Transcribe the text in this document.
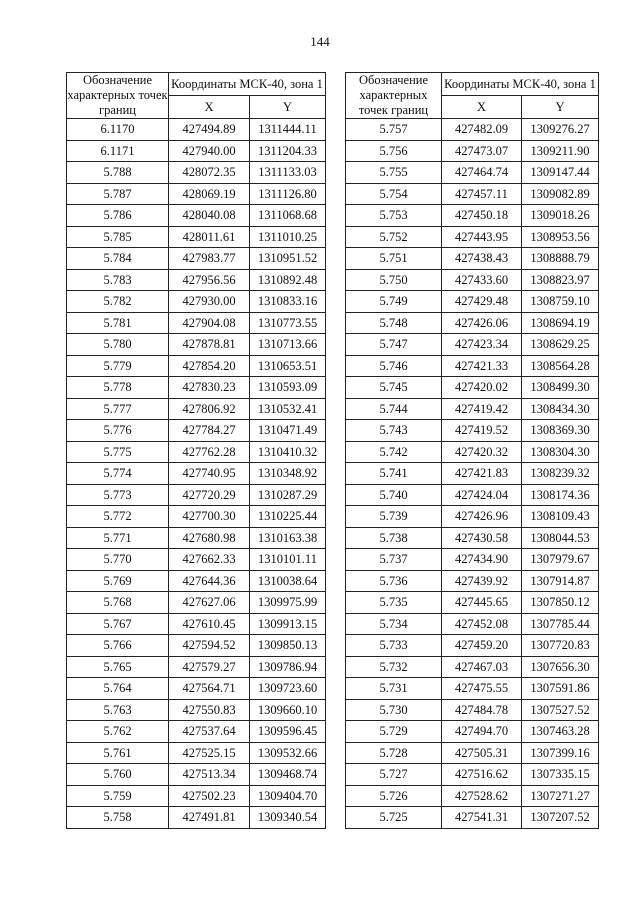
144
Обозначение характерных точек границ	Координаты МСК-40, зона 1	
	X	Y
6.1170	427494.89	1311444.11
6.1171	427940.00	1311204.33
5.788	428072.35	1311133.03
5.787	428069.19	1311126.80
5.786	428040.08	1311068.68
5.785	428011.61	1311010.25
5.784	427983.77	1310951.52
5.783	427956.56	1310892.48
5.782	427930.00	1310833.16
5.781	427904.08	1310773.55
5.780	427878.81	1310713.66
5.779	427854.20	1310653.51
5.778	427830.23	1310593.09
5.777	427806.92	1310532.41
5.776	427784.27	1310471.49
5.775	427762.28	1310410.32
5.774	427740.95	1310348.92
5.773	427720.29	1310287.29
5.772	427700.30	1310225.44
5.771	427680.98	1310163.38
5.770	427662.33	1310101.11
5.769	427644.36	1310038.64
5.768	427627.06	1309975.99
5.767	427610.45	1309913.15
5.766	427594.52	1309850.13
5.765	427579.27	1309786.94
5.764	427564.71	1309723.60
5.763	427550.83	1309660.10
5.762	427537.64	1309596.45
5.761	427525.15	1309532.66
5.760	427513.34	1309468.74
5.759	427502.23	1309404.70
5.758	427491.81	1309340.54
Обозначение характерных точек границ	Координаты МСК-40, зона 1	
	X	Y
5.757	427482.09	1309276.27
5.756	427473.07	1309211.90
5.755	427464.74	1309147.44
5.754	427457.11	1309082.89
5.753	427450.18	1309018.26
5.752	427443.95	1308953.56
5.751	427438.43	1308888.79
5.750	427433.60	1308823.97
5.749	427429.48	1308759.10
5.748	427426.06	1308694.19
5.747	427423.34	1308629.25
5.746	427421.33	1308564.28
5.745	427420.02	1308499.30
5.744	427419.42	1308434.30
5.743	427419.52	1308369.30
5.742	427420.32	1308304.30
5.741	427421.83	1308239.32
5.740	427424.04	1308174.36
5.739	427426.96	1308109.43
5.738	427430.58	1308044.53
5.737	427434.90	1307979.67
5.736	427439.92	1307914.87
5.735	427445.65	1307850.12
5.734	427452.08	1307785.44
5.733	427459.20	1307720.83
5.732	427467.03	1307656.30
5.731	427475.55	1307591.86
5.730	427484.78	1307527.52
5.729	427494.70	1307463.28
5.728	427505.31	1307399.16
5.727	427516.62	1307335.15
5.726	427528.62	1307271.27
5.725	427541.31	1307207.52
